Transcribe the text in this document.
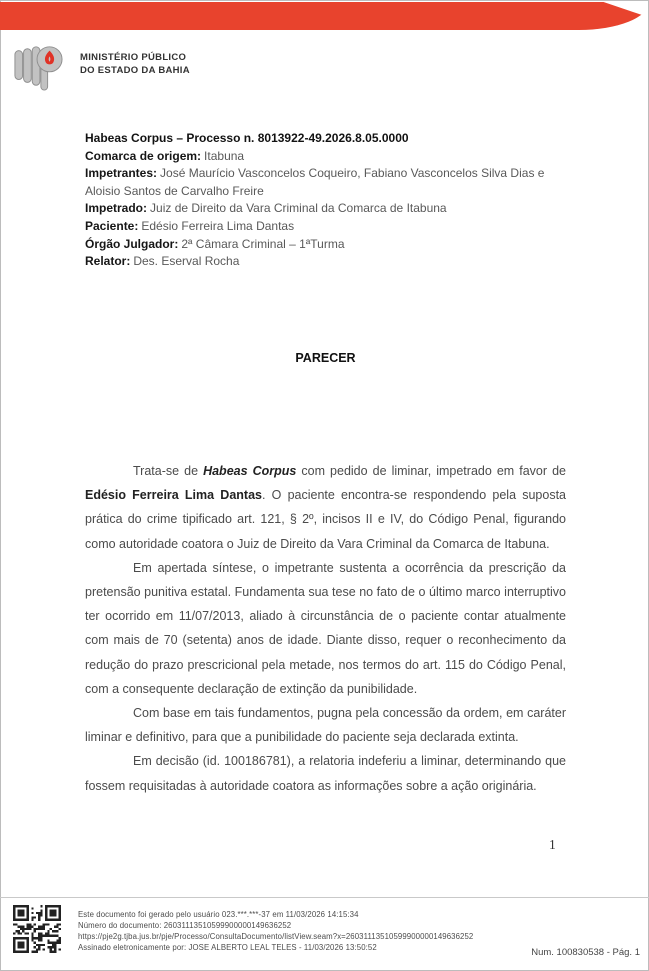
MINISTÉRIO PÚBLICO
DO ESTADO DA BAHIA
Habeas Corpus – Processo n. 8013922-49.2026.8.05.0000
Comarca de origem: Itabuna
Impetrantes: José Maurício Vasconcelos Coqueiro, Fabiano Vasconcelos Silva Dias e Aloisio Santos de Carvalho Freire
Impetrado: Juiz de Direito da Vara Criminal da Comarca de Itabuna
Paciente: Edésio Ferreira Lima Dantas
Órgão Julgador: 2ª Câmara Criminal – 1ªTurma
Relator: Des. Eserval Rocha
PARECER

Trata-se de Habeas Corpus com pedido de liminar, impetrado em favor de Edésio Ferreira Lima Dantas. O paciente encontra-se respondendo pela suposta prática do crime tipificado art. 121, § 2º, incisos II e IV, do Código Penal, figurando como autoridade coatora o Juiz de Direito da Vara Criminal da Comarca de Itabuna.

Em apertada síntese, o impetrante sustenta a ocorrência da prescrição da pretensão punitiva estatal. Fundamenta sua tese no fato de o último marco interruptivo ter ocorrido em 11/07/2013, aliado à circunstância de o paciente contar atualmente com mais de 70 (setenta) anos de idade. Diante disso, requer o reconhecimento da redução do prazo prescricional pela metade, nos termos do art. 115 do Código Penal, com a consequente declaração de extinção da punibilidade.

Com base em tais fundamentos, pugna pela concessão da ordem, em caráter liminar e definitivo, para que a punibilidade do paciente seja declarada extinta.

Em decisão (id. 100186781), a relatoria indeferiu a liminar, determinando que fossem requisitadas à autoridade coatora as informações sobre a ação originária.

1
Este documento foi gerado pelo usuário 023.***.***-37 em 11/03/2026 14:15:34
Número do documento: 26031113510599900000149636252
https://pje2g.tjba.jus.br/pje/Processo/ConsultaDocumento/listView.seam?x=26031113510599900000149636252
Assinado eletronicamente por: JOSE ALBERTO LEAL TELES - 11/03/2026 13:50:52	Num. 100830538 - Pág. 1
